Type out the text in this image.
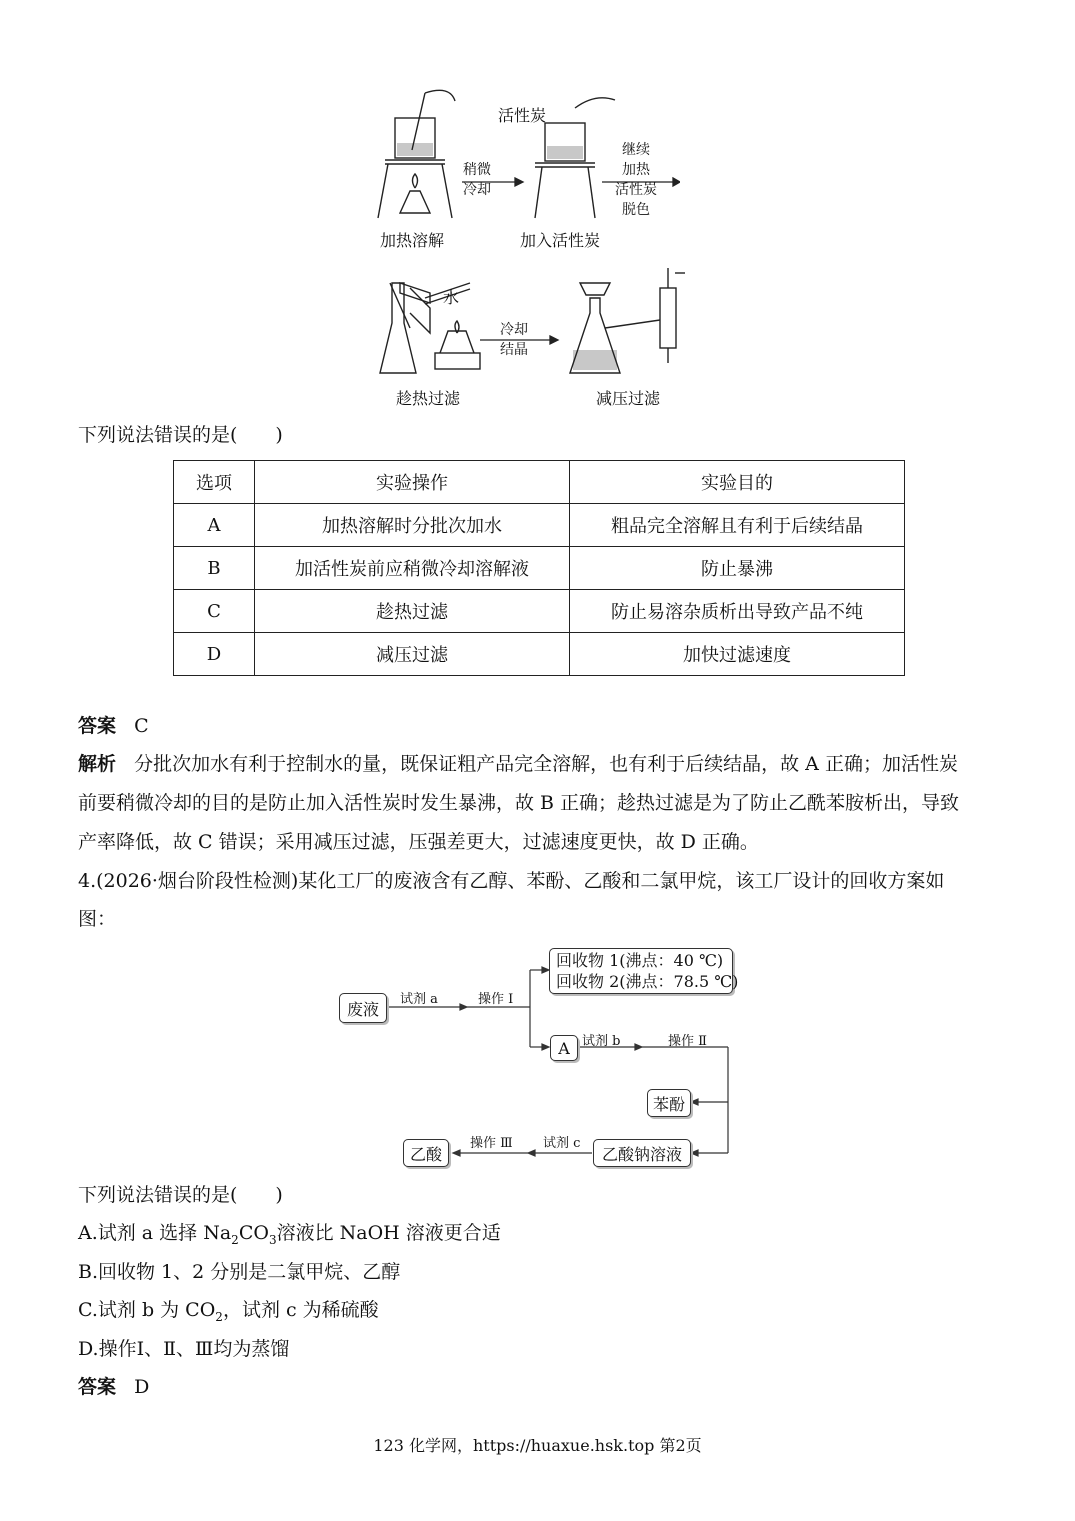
活性炭
加热溶解	加入活性炭
水
趁热过滤	减压过滤
稍微
冷却
继续
加热
活性炭
脱色
冷却
结晶
下列说法错误的是(　　)
选项	实验操作	实验目的
A	加热溶解时分批次加水	粗品完全溶解且有利于后续结晶
B	加活性炭前应稍微冷却溶解液	防止暴沸
C	趁热过滤	防止易溶杂质析出导致产品不纯
D	减压过滤	加快过滤速度
答案 C
解析 分批次加水有利于控制水的量，既保证粗产品完全溶解，也有利于后续结晶，故 A 正确；加活性炭
前要稍微冷却的目的是防止加入活性炭时发生暴沸，故 B 正确；趁热过滤是为了防止乙酰苯胺析出，导致
产率降低，故 C 错误；采用减压过滤，压强差更大，过滤速度更快，故 D 正确。
4.(2026·烟台阶段性检测)某化工厂的废液含有乙醇、苯酚、乙酸和二氯甲烷，该工厂设计的回收方案如
图：
废液	试剂 a	操作 Ⅰ
回收物 1(沸点：40 ℃)
回收物 2(沸点：78.5 ℃)
A 试剂 b	操作 Ⅱ
苯酚
乙酸钠溶液
试剂 c
操作 Ⅲ
乙酸
下列说法错误的是(　　)
A.试剂 a 选择 $Na_2CO_3$溶液比 NaOH 溶液更合适
B.回收物 1、2 分别是二氯甲烷、乙醇
C.试剂 b 为 $CO_2$，试剂 c 为稀硫酸
D.操作Ⅰ、Ⅱ、Ⅲ均为蒸馏
答案 D
123 化学网，https://huaxue.hsk.top 第2页
